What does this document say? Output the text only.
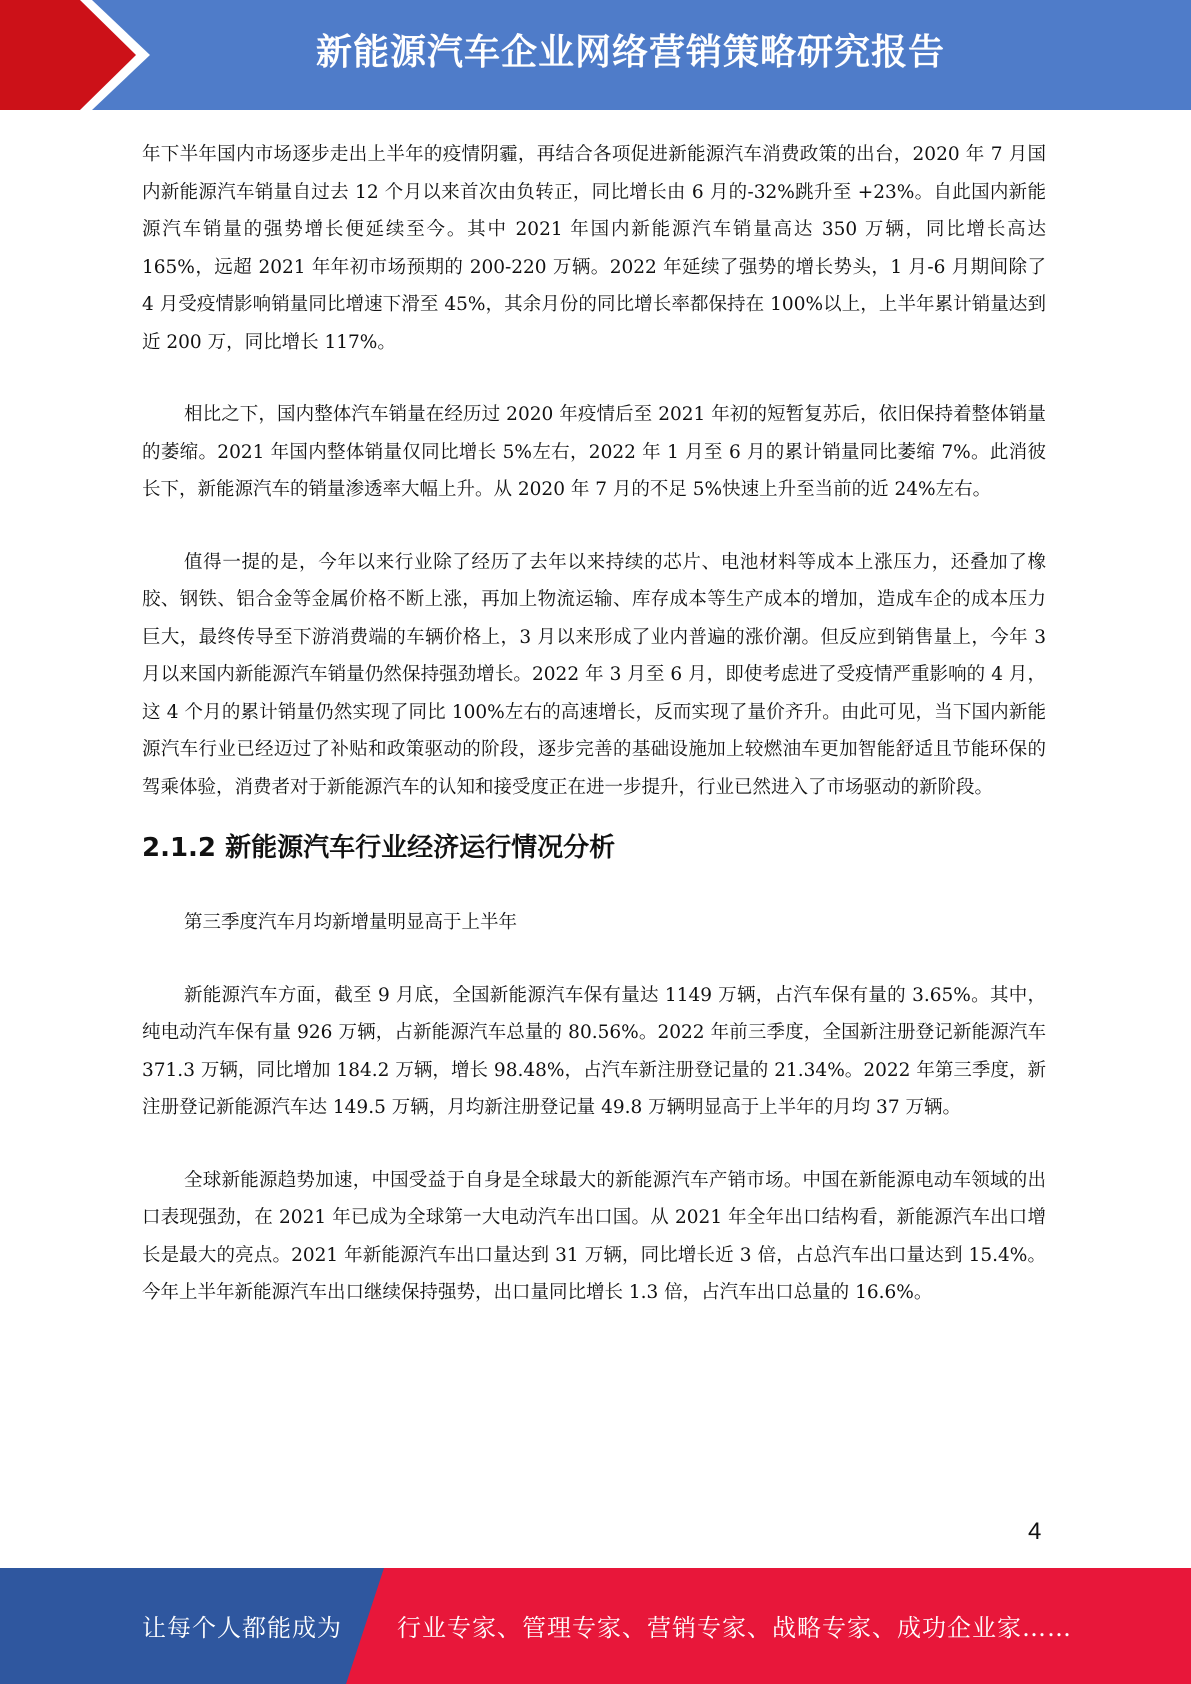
新能源汽车企业网络营销策略研究报告

年下半年国内市场逐步走出上半年的疫情阴霾，再结合各项促进新能源汽车消费政策的出台，2020 年 7 月国内新能源汽车销量自过去 12 个月以来首次由负转正，同比增长由 6 月的-32%跳升至 +23%。自此国内新能源汽车销量的强势增长便延续至今。其中 2021 年国内新能源汽车销量高达 350 万辆，同比增长高达 165%，远超 2021 年年初市场预期的 200-220 万辆。2022 年延续了强势的增长势头，1 月-6 月期间除了 4 月受疫情影响销量同比增速下滑至 45%，其余月份的同比增长率都保持在 100%以上，上半年累计销量达到近 200 万，同比增长 117%。

相比之下，国内整体汽车销量在经历过 2020 年疫情后至 2021 年初的短暂复苏后，依旧保持着整体销量的萎缩。2021 年国内整体销量仅同比增长 5%左右，2022 年 1 月至 6 月的累计销量同比萎缩 7%。此消彼长下，新能源汽车的销量渗透率大幅上升。从 2020 年 7 月的不足 5%快速上升至当前的近 24%左右。

值得一提的是，今年以来行业除了经历了去年以来持续的芯片、电池材料等成本上涨压力，还叠加了橡胶、钢铁、铝合金等金属价格不断上涨，再加上物流运输、库存成本等生产成本的增加，造成车企的成本压力巨大，最终传导至下游消费端的车辆价格上，3 月以来形成了业内普遍的涨价潮。但反应到销售量上，今年 3 月以来国内新能源汽车销量仍然保持强劲增长。2022 年 3 月至 6 月，即使考虑进了受疫情严重影响的 4 月，这 4 个月的累计销量仍然实现了同比 100%左右的高速增长，反而实现了量价齐升。由此可见，当下国内新能源汽车行业已经迈过了补贴和政策驱动的阶段，逐步完善的基础设施加上较燃油车更加智能舒适且节能环保的驾乘体验，消费者对于新能源汽车的认知和接受度正在进一步提升，行业已然进入了市场驱动的新阶段。

2.1.2 新能源汽车行业经济运行情况分析

第三季度汽车月均新增量明显高于上半年

新能源汽车方面，截至 9 月底，全国新能源汽车保有量达 1149 万辆，占汽车保有量的 3.65%。其中，纯电动汽车保有量 926 万辆，占新能源汽车总量的 80.56%。2022 年前三季度，全国新注册登记新能源汽车 371.3 万辆，同比增加 184.2 万辆，增长 98.48%，占汽车新注册登记量的 21.34%。2022 年第三季度，新注册登记新能源汽车达 149.5 万辆，月均新注册登记量 49.8 万辆明显高于上半年的月均 37 万辆。

全球新能源趋势加速，中国受益于自身是全球最大的新能源汽车产销市场。中国在新能源电动车领域的出口表现强劲，在 2021 年已成为全球第一大电动汽车出口国。从 2021 年全年出口结构看，新能源汽车出口增长是最大的亮点。2021 年新能源汽车出口量达到 31 万辆，同比增长近 3 倍，占总汽车出口量达到 15.4%。今年上半年新能源汽车出口继续保持强势，出口量同比增长 1.3 倍，占汽车出口总量的 16.6%。

4
让每个人都能成为 行业专家、管理专家、营销专家、战略专家、成功企业家……
